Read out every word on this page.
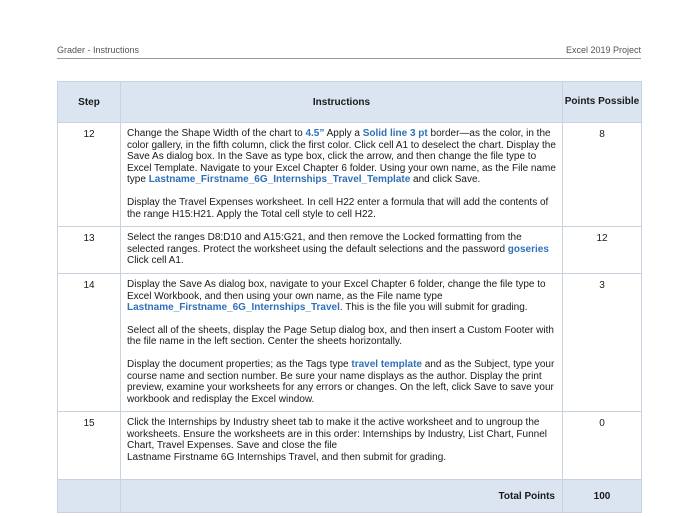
Grader - Instructions	Excel 2019 Project
Step	Instructions	Points Possible
12	Change the Shape Width of the chart to 4.5” Apply a Solid line 3 pt border—as the color, in the color gallery, in the fifth column, click the first color. Click cell A1 to deselect the chart. Display the Save As dialog box. In the Save as type box, click the arrow, and then change the file type to Excel Template. Navigate to your Excel Chapter 6 folder. Using your own name, as the File name type Lastname_Firstname_6G_Internships_Travel_Template and click Save.

Display the Travel Expenses worksheet. In cell H22 enter a formula that will add the contents of the range H15:H21. Apply the Total cell style to cell H22.	8
13	Select the ranges D8:D10 and A15:G21, and then remove the Locked formatting from the selected ranges. Protect the worksheet using the default selections and the password goseries Click cell A1.	12
14	Display the Save As dialog box, navigate to your Excel Chapter 6 folder, change the file type to Excel Workbook, and then using your own name, as the File name type Lastname_Firstname_6G_Internships_Travel. This is the file you will submit for grading.

Select all of the sheets, display the Page Setup dialog box, and then insert a Custom Footer with the file name in the left section. Center the sheets horizontally.

Display the document properties; as the Tags type travel template and as the Subject, type your course name and section number. Be sure your name displays as the author. Display the print preview, examine your worksheets for any errors or changes. On the left, click Save to save your workbook and redisplay the Excel window.	3
15	Click the Internships by Industry sheet tab to make it the active worksheet and to ungroup the worksheets. Ensure the worksheets are in this order: Internships by Industry, List Chart, Funnel Chart, Travel Expenses. Save and close the file

Lastname Firstname 6G Internships Travel, and then submit for grading.	0
	Total Points	100
